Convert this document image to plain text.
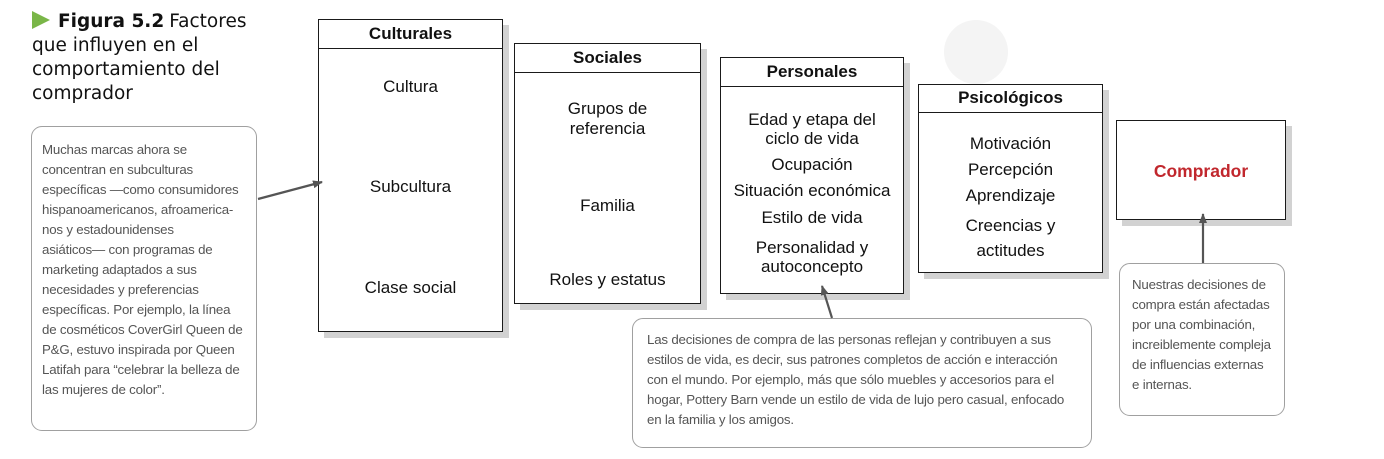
Figura 5.2 Factores que influyen en el comportamiento del comprador
Culturales
Cultura
Subcultura
Clase social
Sociales
Grupos de
referencia
Familia
Roles y estatus
Personales
Edad y etapa del
ciclo de vida
Ocupación
Situación económica
Estilo de vida
Personalidad y
autoconcepto
Psicológicos
Motivación
Percepción
Aprendizaje
Creencias y
actitudes
Comprador
Muchas marcas ahora se
concentran en subculturas
específicas —como consumidores
hispanoamericanos, afroamerica-
nos y estadounidenses
asiáticos— con programas de
marketing adaptados a sus
necesidades y preferencias
específicas. Por ejemplo, la línea
de cosméticos CoverGirl Queen de
P&G, estuvo inspirada por Queen
Latifah para “celebrar la belleza de
las mujeres de color”.
Las decisiones de compra de las personas reflejan y contribuyen a sus
estilos de vida, es decir, sus patrones completos de acción e interacción
con el mundo. Por ejemplo, más que sólo muebles y accesorios para el
hogar, Pottery Barn vende un estilo de vida de lujo pero casual, enfocado
en la familia y los amigos.
Nuestras decisiones de
compra están afectadas
por una combinación,
increiblemente compleja
de influencias externas
e internas.
